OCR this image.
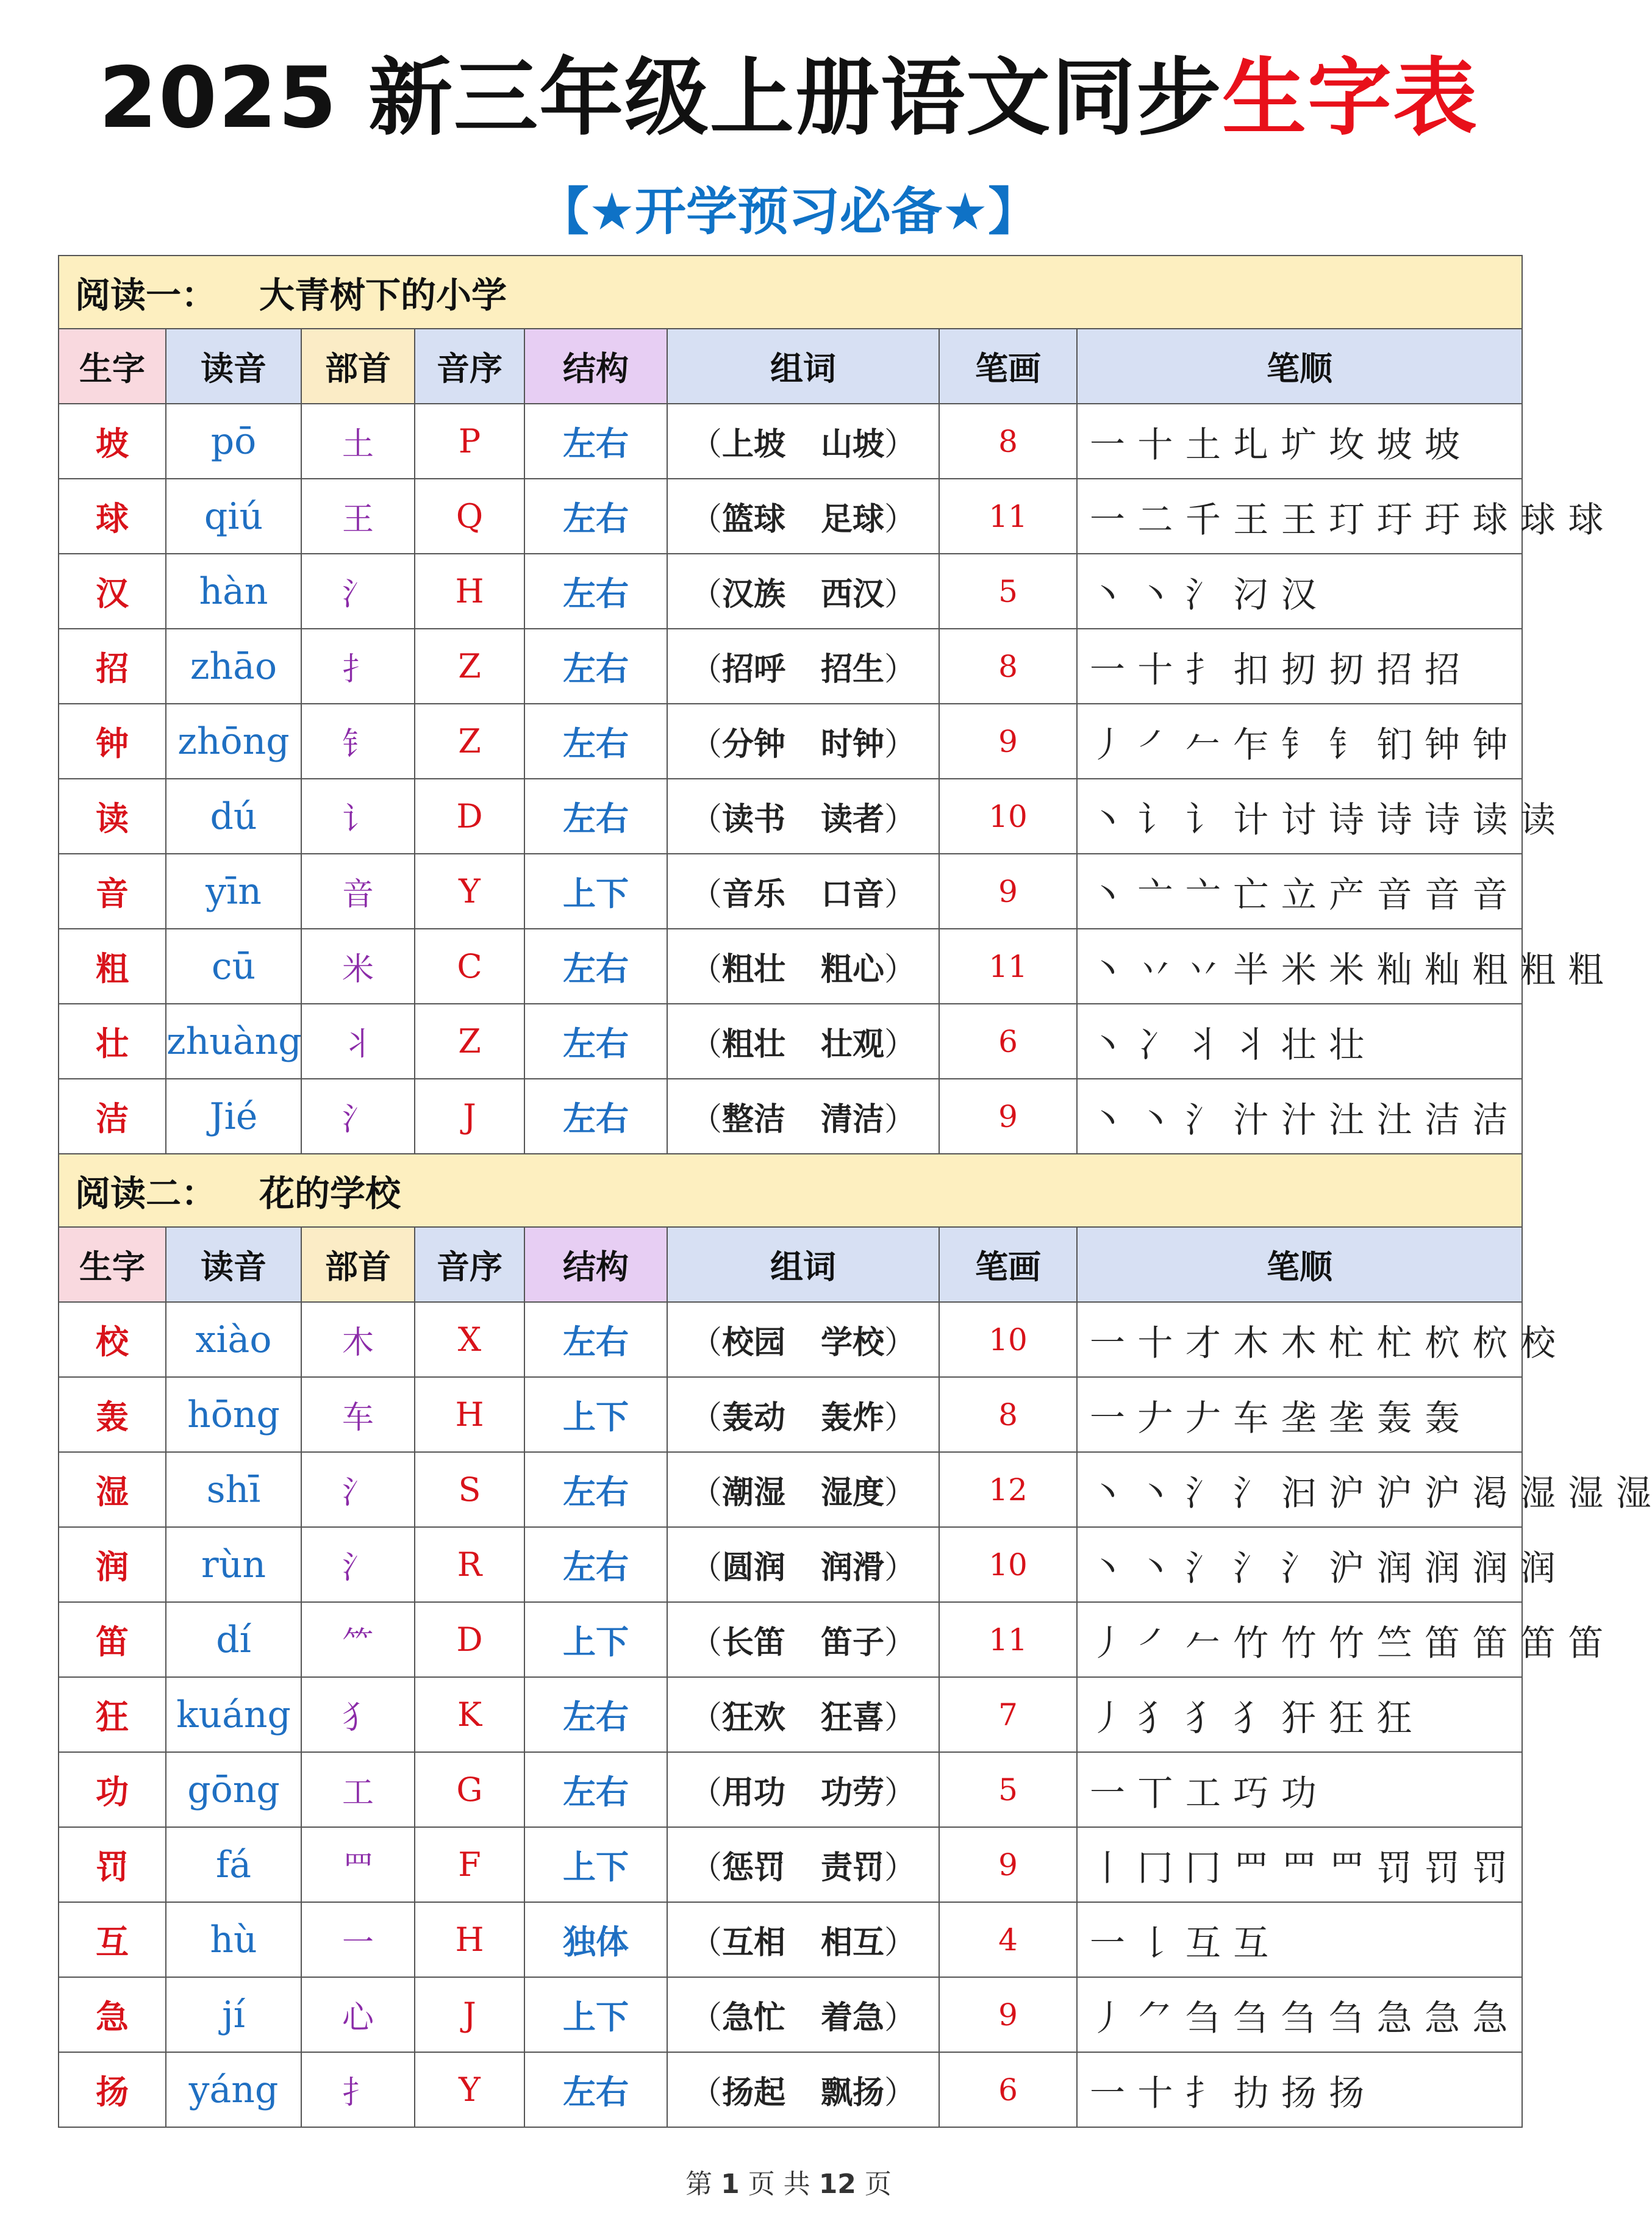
2025 新三年级上册语文同步生字表
【★开学预习必备★】
阅读一： 大青树下的小学							
生字	读音	部首	音序	结构	组词	笔画	笔顺
坡	pō	土	P	左右	（上坡 山坡）	8	一 十 土 圠 圹 坆 坡 坡
球	qiú	王	Q	左右	（篮球 足球）	11	一 二 千 王 王 玎 玗 玗 球 球 球
汉	hàn	氵	H	左右	（汉族 西汉）	5	丶 丶 氵 汈 汉
招	zhāo	扌	Z	左右	（招呼 招生）	8	一 十 扌 扣 扨 扨 招 招
钟	zhōng	钅	Z	左右	（分钟 时钟）	9	丿 ㇒ 𠂉 乍 钅 钅 钔 钟 钟
读	dú	讠	D	左右	（读书 读者）	10	丶 讠 讠 计 讨 诗 诗 诗 读 读
音	yīn	音	Y	上下	（音乐 口音）	9	丶 亠 亠 亡 立 产 音 音 音
粗	cū	米	C	左右	（粗壮 粗心）	11	丶 丷 丷 半 米 米 籼 籼 粗 粗 粗
壮	zhuàng	丬	Z	左右	（粗壮 壮观）	6	丶 冫 丬 丬 壮 壮
洁	Jié	氵	J	左右	（整洁 清洁）	9	丶 丶 氵 汁 汁 汢 汢 洁 洁
阅读二： 花的学校							
生字	读音	部首	音序	结构	组词	笔画	笔顺
校	xiào	木	X	左右	（校园 学校）	10	一 十 才 木 木 杧 杧 柼 柼 校
轰	hōng	车	H	上下	（轰动 轰炸）	8	一 𠂇 𠂇 车 垄 垄 轰 轰
湿	shī	氵	S	左右	（潮湿 湿度）	12	丶 丶 氵 氵 汩 沪 沪 沪 渇 湿 湿 湿
润	rùn	氵	R	左右	（圆润 润滑）	10	丶 丶 氵 氵 氵 沪 润 润 润 润
笛	dí	⺮	D	上下	（长笛 笛子）	11	丿 ㇒ 𠂉 竹 竹 竹 竺 笛 笛 笛 笛
狂	kuáng	犭	K	左右	（狂欢 狂喜）	7	丿 犭 犭 犭 犴 狂 狂
功	gōng	工	G	左右	（用功 功劳）	5	一 丅 工 巧 功
罚	fá	罒	F	上下	（惩罚 责罚）	9	丨 冂 冂 罒 罒 罒 罚 罚 罚
互	hù	一	H	独体	（互相 相互）	4	一 𠄌 互 互
急	jí	心	J	上下	（急忙 着急）	9	丿 ⺈ 刍 刍 刍 刍 急 急 急
扬	yáng	扌	Y	左右	（扬起 飘扬）	6	一 十 扌 扐 扬 扬
第 1 页 共 12 页
